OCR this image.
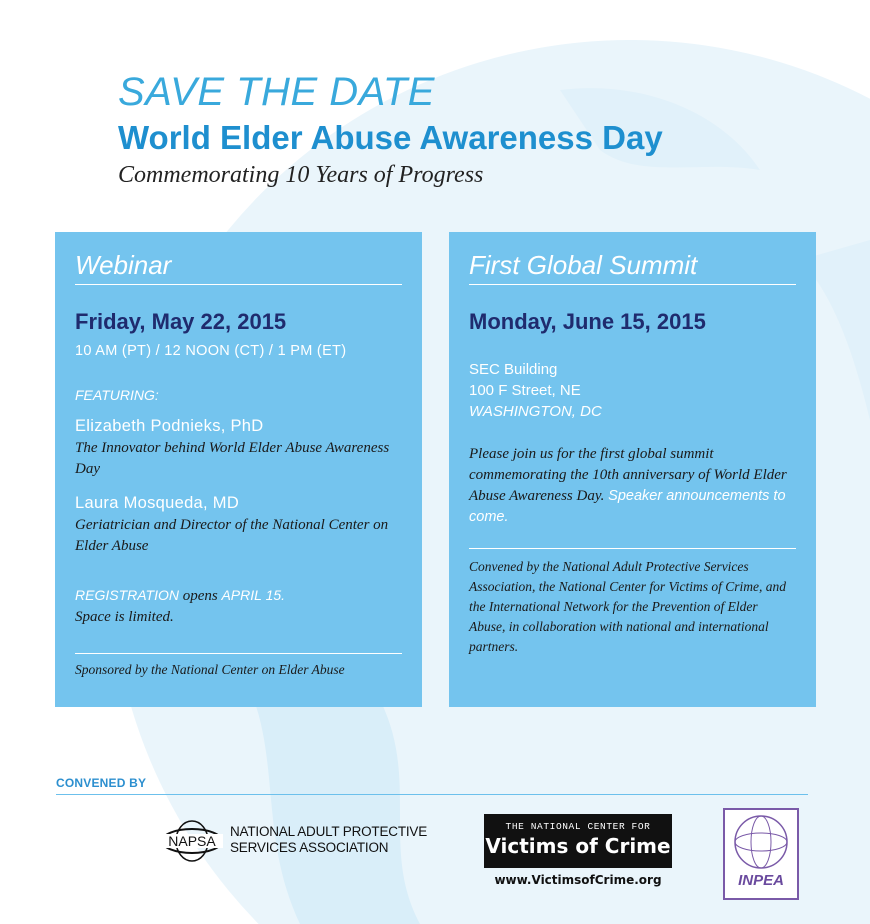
SAVE THE DATE
World Elder Abuse Awareness Day
Commemorating 10 Years of Progress
Webinar
Friday, May 22, 2015
10 AM (PT) / 12 NOON (CT) / 1 PM (ET)
FEATURING:
Elizabeth Podnieks, PhD
The Innovator behind World Elder Abuse Awareness Day
Laura Mosqueda, MD
Geriatrician and Director of the National Center on Elder Abuse
REGISTRATION opens APRIL 15.
Space is limited.
Sponsored by the National Center on Elder Abuse
First Global Summit
Monday, June 15, 2015
SEC Building
100 F Street, NE
WASHINGTON, DC
Please join us for the first global summit commemorating the 10th anniversary of World Elder Abuse Awareness Day. Speaker announcements to come.
Convened by the National Adult Protective Services Association, the National Center for Victims of Crime, and the International Network for the Prevention of Elder Abuse, in collaboration with national and international partners.
CONVENED BY
NAPSA
NATIONAL ADULT PROTECTIVE
SERVICES ASSOCIATION
THE NATIONAL CENTER FOR
Victims of Crime
www.VictimsofCrime.org	INPEA
